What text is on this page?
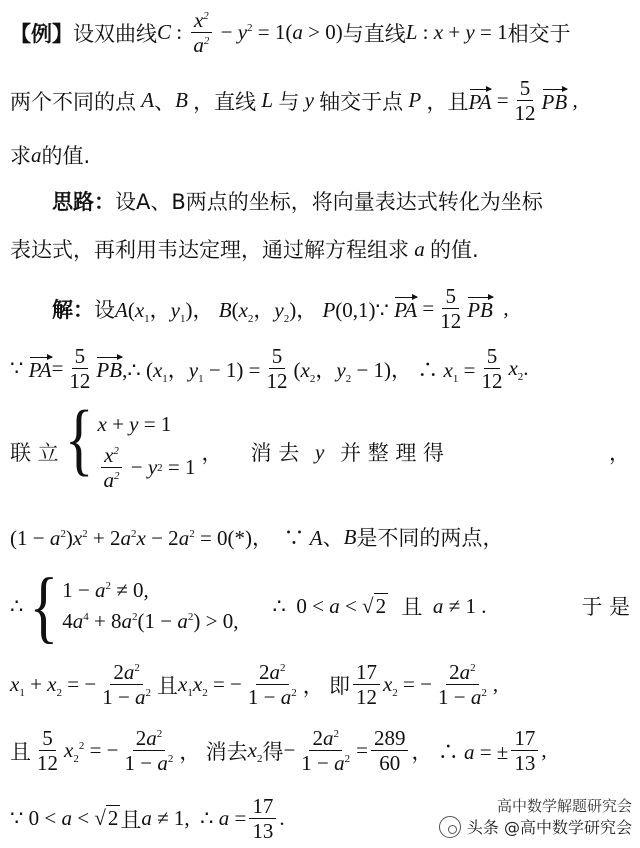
【例】 设双曲线 C : $\frac{x^2}{a^2} - y^2 = 1(a > 0)$ 与直线 L : x + y = 1 相交于
两个不同的点 A 、 B ，直线 L 与 y 轴交于点 P ，且 PA = $\frac{5}{12}$ PB ,
求 a 的值.
思路： 设A、B两点的坐标，将向量表达式转化为坐标
表达式，再利用韦达定理，通过解方程组求 a 的值.
解： 设 $A(x_1$，$y_1$)， $B(x_2$，$y_2$)， P(0,1)∵ PA = $\frac{5}{12}$ PB ,
∵ PA = $\frac{5}{12}$ PB ,∴ ($x_1$，$y_1 - 1) = \frac{5}{12} (x_2$，$y_2 - 1$)， ∴ $x_1 = \frac{5}{12} x_2$.
联 立 { x + y = 1
$\frac{x^2}{a^2} - y$ 2 = 1
， 消 去 y 并 整 理 得	，
$(1 - a^2)x^2 + 2a^2x - 2a^2 = 0(*)$，  ∵ A 、 B 是不同的两点 ，
∴ { $1 - a^2 \ne 0$,
$4a^4 + 8a^2(1 - a^2) > 0$,
∴  0 < a < √2
且 a ≠ 1 .	于 是
$x_1 + x_2$ = − $\frac{2a^2}{1 - a^2}$ 且 $x_1x_2$ = − $\frac{2a^2}{1 - a^2}$ ， 即 $\frac{17}{12} x_2$ = − $\frac{2a^2}{1 - a^2}$ ,
且 $\frac{5}{12} x_2^2$ = − $\frac{2a^2}{1 - a^2}$ ， 消去 $x_2$ 得 − $\frac{2a^2}{1 - a^2} = \frac{289}{60}$ ， ∴ a = ± $\frac{17}{13}$ ,
∵ 0 < a < √2 且 a ≠ 1,  ∴ $a = \frac{17}{13}$ .
高中数学解题研究会
头条 @高中数学研究会
